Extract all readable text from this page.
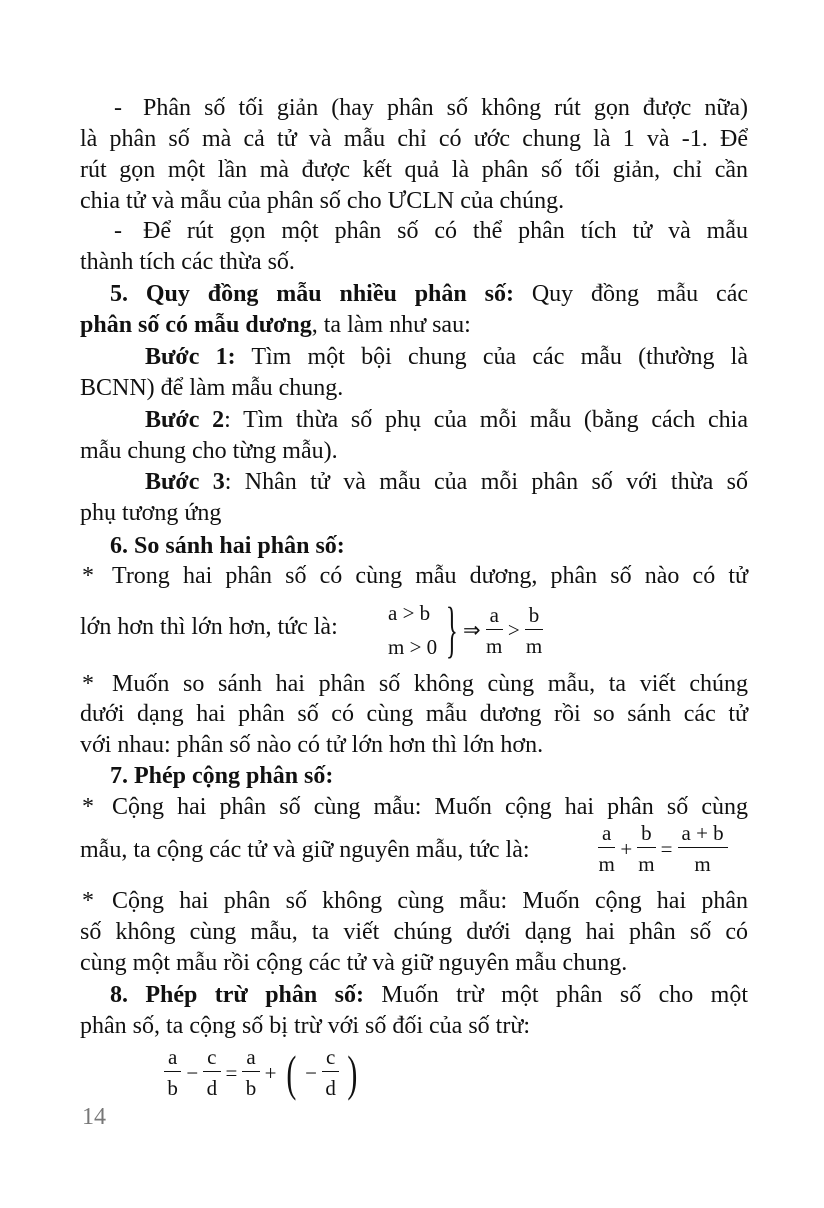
- Phân số tối giản (hay phân số không rút gọn được nữa)
là phân số mà cả tử và mẫu chỉ có ước chung là 1 và -1. Để
rút gọn một lần mà được kết quả là phân số tối giản, chỉ cần
chia tử và mẫu của phân số cho ƯCLN của chúng.
- Để rút gọn một phân số có thể phân tích tử và mẫu
thành tích các thừa số.
5. Quy đồng mẫu nhiều phân số: Quy đồng mẫu các
phân số có mẫu dương, ta làm như sau:
Bước 1: Tìm một bội chung của các mẫu (thường là
BCNN) để làm mẫu chung.
Bước 2: Tìm thừa số phụ của mỗi mẫu (bằng cách chia
mẫu chung cho từng mẫu).
Bước 3: Nhân tử và mẫu của mỗi phân số với thừa số
phụ tương ứng
6. So sánh hai phân số:
* Trong hai phân số có cùng mẫu dương, phân số nào có tử
lớn hơn thì lớn hơn, tức là:
a > b
m > 0 } ⇒ $\frac{a}{m} > \frac{b}{m}$
* Muốn so sánh hai phân số không cùng mẫu, ta viết chúng
dưới dạng hai phân số có cùng mẫu dương rồi so sánh các tử
với nhau: phân số nào có tử lớn hơn thì lớn hơn.
7. Phép cộng phân số:
* Cộng hai phân số cùng mẫu: Muốn cộng hai phân số cùng
mẫu, ta cộng các tử và giữ nguyên mẫu, tức là:	$\frac{a}{m} + \frac{b}{m} = \frac{a + b}{m}$
* Cộng hai phân số không cùng mẫu: Muốn cộng hai phân
số không cùng mẫu, ta viết chúng dưới dạng hai phân số có
cùng một mẫu rồi cộng các tử và giữ nguyên mẫu chung.
8. Phép trừ phân số: Muốn trừ một phân số cho một
phân số, ta cộng số bị trừ với số đối của số trừ:
$\frac{a}{b} - \frac{c}{d} = \frac{a}{b}$ + ( − $\frac{c}{d}$ )
14
